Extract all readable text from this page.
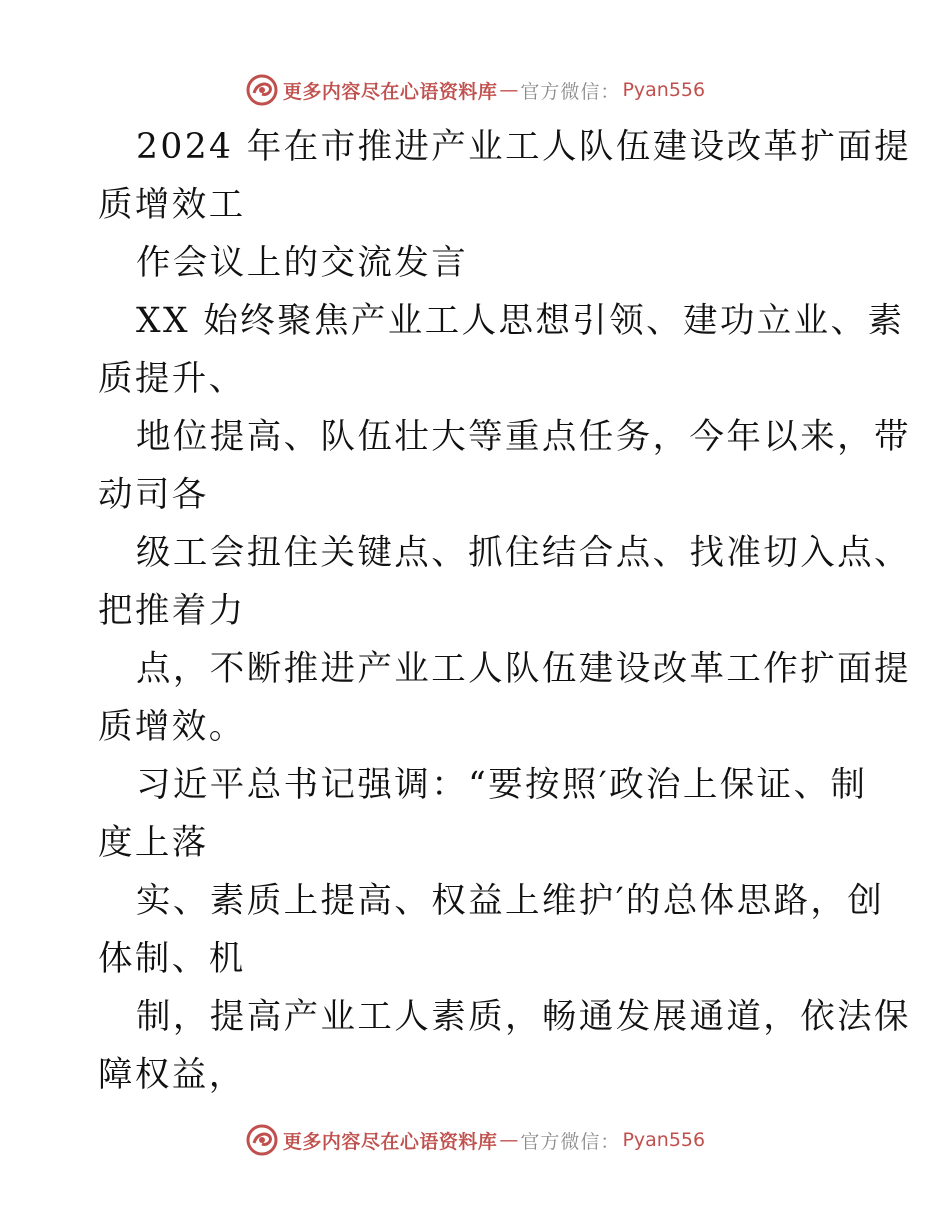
更多内容尽在心语资料库 — 官方微信： Pyan556
2024 年在市推进产业工人队伍建设改革扩面提
质增效工
作会议上的交流发言
XX 始终聚焦产业工人思想引领、建功立业、素
质提升、
地位提高、队伍壮大等重点任务，今年以来，带
动司各
级工会扭住关键点、抓住结合点、找准切入点、
把推着力
点，不断推进产业工人队伍建设改革工作扩面提
质增效。
习近平总书记强调：“要按照′政治上保证、制
度上落
实、素质上提高、权益上维护′的总体思路，创
体制、机
制，提高产业工人素质，畅通发展通道，依法保
障权益，
更多内容尽在心语资料库 — 官方微信： Pyan556
